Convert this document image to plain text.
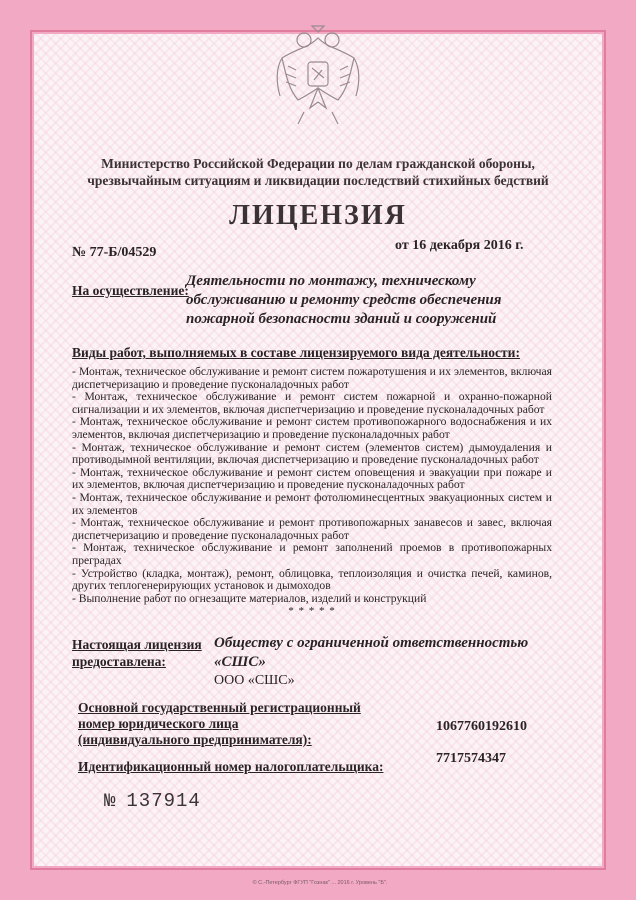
Министерство Российской Федерации по делам гражданской обороны,
чрезвычайным ситуациям и ликвидации последствий стихийных бедствий
ЛИЦЕНЗИЯ
№ 77-Б/04529	от 16 декабря 2016 г.
На осуществление:
Деятельности по монтажу, техническому
обслуживанию и ремонту средств обеспечения
пожарной безопасности зданий и сооружений
Виды работ, выполняемых в составе лицензируемого вида деятельности:
- Монтаж, техническое обслуживание и ремонт систем пожаротушения и их элементов, включая диспетчеризацию и проведение пусконаладочных работ
- Монтаж, техническое обслуживание и ремонт систем пожарной и охранно-пожарной сигнализации и их элементов, включая диспетчеризацию и проведение пусконаладочных работ
- Монтаж, техническое обслуживание и ремонт систем противопожарного водоснабжения и их элементов, включая диспетчеризацию и проведение пусконаладочных работ
- Монтаж, техническое обслуживание и ремонт систем (элементов систем) дымоудаления и противодымной вентиляции, включая диспетчеризацию и проведение пусконаладочных работ
- Монтаж, техническое обслуживание и ремонт систем оповещения и эвакуации при пожаре и их элементов, включая диспетчеризацию и проведение пусконаладочных работ
- Монтаж, техническое обслуживание и ремонт фотолюминесцентных эвакуационных систем и их элементов
- Монтаж, техническое обслуживание и ремонт противопожарных занавесов и завес, включая диспетчеризацию и проведение пусконаладочных работ
- Монтаж, техническое обслуживание и ремонт заполнений проемов в противопожарных преградах
- Устройство (кладка, монтаж), ремонт, облицовка, теплоизоляция и очистка печей, каминов, других теплогенерирующих установок и дымоходов
- Выполнение работ по огнезащите материалов, изделий и конструкций
* * * * *
Настоящая лицензия
предоставлена:
Обществу с ограниченной ответственностью
«СШС»
ООО «СШС»
Основной государственный регистрационный
номер юридического лица
(индивидуального предпринимателя):
1067760192610
Идентификационный номер налогоплательщика:
7717574347
№ 137914
© С.-Петербург ФГУП "Гознак" ... 2016 г. Уровень "Б".
